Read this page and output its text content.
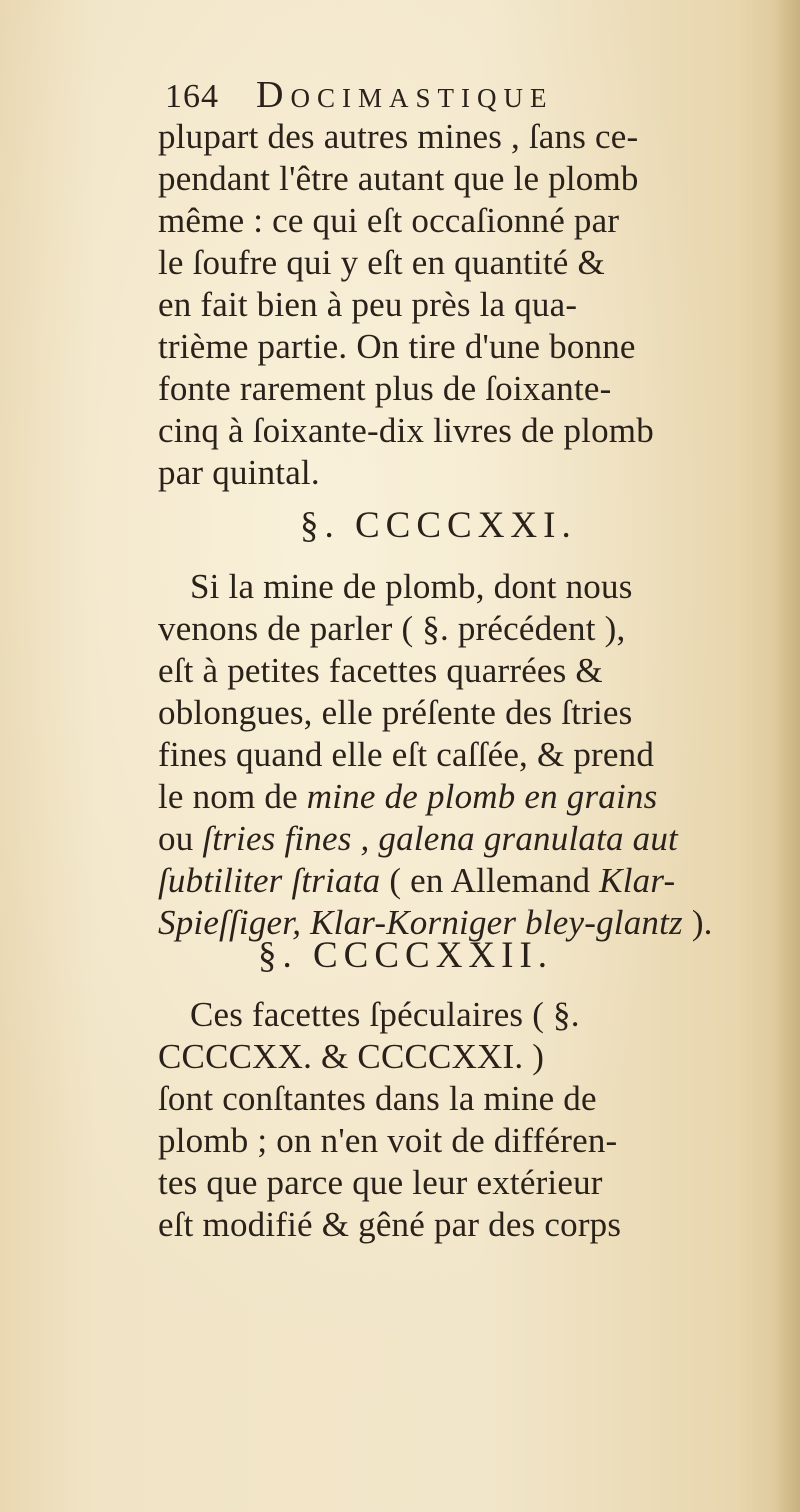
164 Docimastique
plupart des autres mines , ſans ce-
pendant l'être autant que le plomb
même : ce qui eſt occaſionné par
le ſoufre qui y eſt en quantité &
en fait bien à peu près la qua-
trième partie. On tire d'une bonne
fonte rarement plus de ſoixante-
cinq à ſoixante-dix livres de plomb
par quintal.
§. CCCCXXI.
Si la mine de plomb, dont nous
venons de parler ( §. précédent ),
eſt à petites facettes quarrées &
oblongues, elle préſente des ſtries
fines quand elle eſt caſſée, & prend
le nom de mine de plomb en grains
ou ſtries fines , galena granulata aut
ſubtiliter ſtriata ( en Allemand Klar-
Spieſſiger, Klar-Korniger bley-glantz ).
§. CCCCXXII.
Ces facettes ſpéculaires ( §.
CCCCXX. & CCCCXXI. )
ſont conſtantes dans la mine de
plomb ; on n'en voit de différen-
tes que parce que leur extérieur
eſt modifié & gêné par des corps
